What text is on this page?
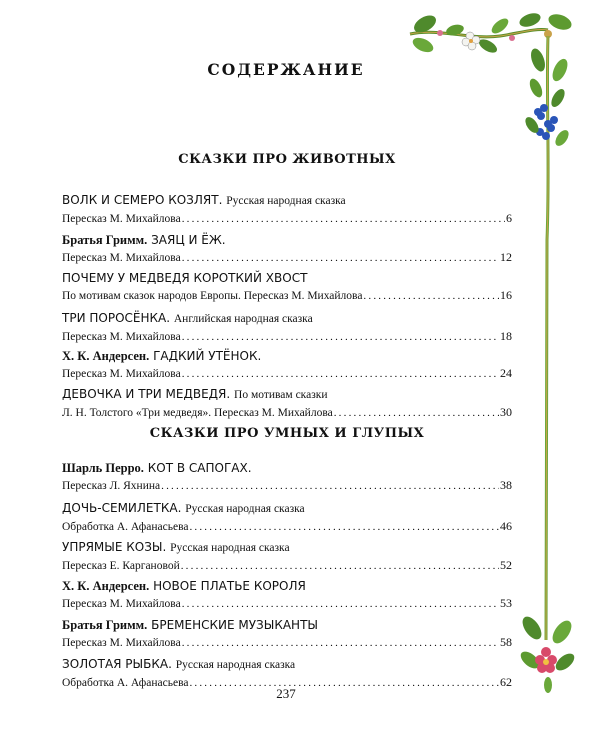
СОДЕРЖАНИЕ
СКАЗКИ ПРО ЖИВОТНЫХ
ВОЛК И СЕМЕРО КОЗЛЯТ. Русская народная сказка
Пересказ М. Михайлова .....	6
Братья Гримм. ЗАЯЦ И ЁЖ.
Пересказ М. Михайлова .....	12
ПОЧЕМУ У МЕДВЕДЯ КОРОТКИЙ ХВОСТ
По мотивам сказок народов Европы. Пересказ М. Михайлова .....	16
ТРИ ПОРОСЁНКА. Английская народная сказка
Пересказ М. Михайлова .....	18
Х. К. Андерсен. ГАДКИЙ УТЁНОК.
Пересказ М. Михайлова .....	24
ДЕВОЧКА И ТРИ МЕДВЕДЯ. По мотивам сказки
Л. Н. Толстого «Три медведя». Пересказ М. Михайлова .....	30
СКАЗКИ ПРО УМНЫХ И ГЛУПЫХ
Шарль Перро. КОТ В САПОГАХ.
Пересказ Л. Яхнина .....	38
ДОЧЬ-СЕМИЛЕТКА. Русская народная сказка
Обработка А. Афанасьева .....	46
УПРЯМЫЕ КОЗЫ. Русская народная сказка
Пересказ Е. Каргановой .....	52
Х. К. Андерсен. НОВОЕ ПЛАТЬЕ КОРОЛЯ
Пересказ М. Михайлова .....	53
Братья Гримм. БРЕМЕНСКИЕ МУЗЫКАНТЫ
Пересказ М. Михайлова .....	58
ЗОЛОТАЯ РЫБКА. Русская народная сказка
Обработка А. Афанасьева .....	62
237
